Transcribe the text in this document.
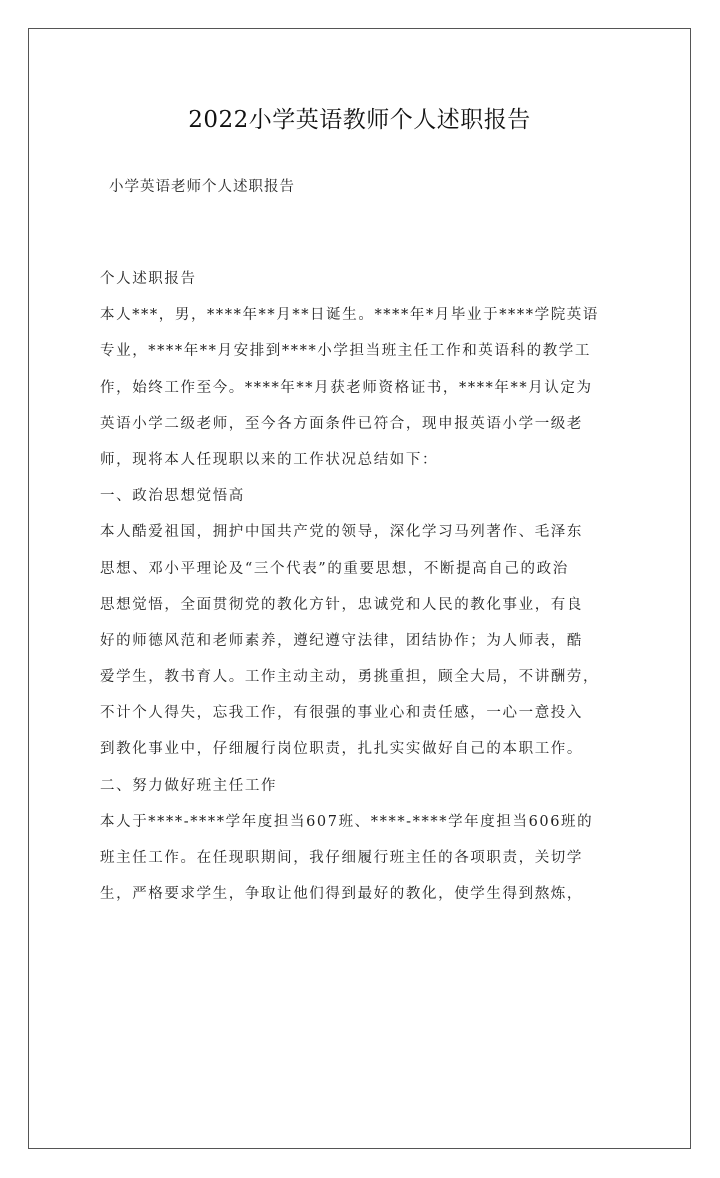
2022小学英语教师个人述职报告
小学英语老师个人述职报告
个人述职报告
本人***，男，****年**月**日诞生。****年*月毕业于****学院英语
专业，****年**月安排到****小学担当班主任工作和英语科的教学工
作，始终工作至今。****年**月获老师资格证书，****年**月认定为
英语小学二级老师，至今各方面条件已符合，现申报英语小学一级老
师，现将本人任现职以来的工作状况总结如下：
一、政治思想觉悟高
本人酷爱祖国，拥护中国共产党的领导，深化学习马列著作、毛泽东
思想、邓小平理论及“三个代表”的重要思想，不断提高自己的政治
思想觉悟，全面贯彻党的教化方针，忠诚党和人民的教化事业，有良
好的师德风范和老师素养，遵纪遵守法律，团结协作；为人师表，酷
爱学生，教书育人。工作主动主动，勇挑重担，顾全大局，不讲酬劳，
不计个人得失，忘我工作，有很强的事业心和责任感，一心一意投入
到教化事业中，仔细履行岗位职责，扎扎实实做好自己的本职工作。
二、努力做好班主任工作
本人于****-****学年度担当607班、****-****学年度担当606班的
班主任工作。在任现职期间，我仔细履行班主任的各项职责，关切学
生，严格要求学生，争取让他们得到最好的教化，使学生得到熬炼，
